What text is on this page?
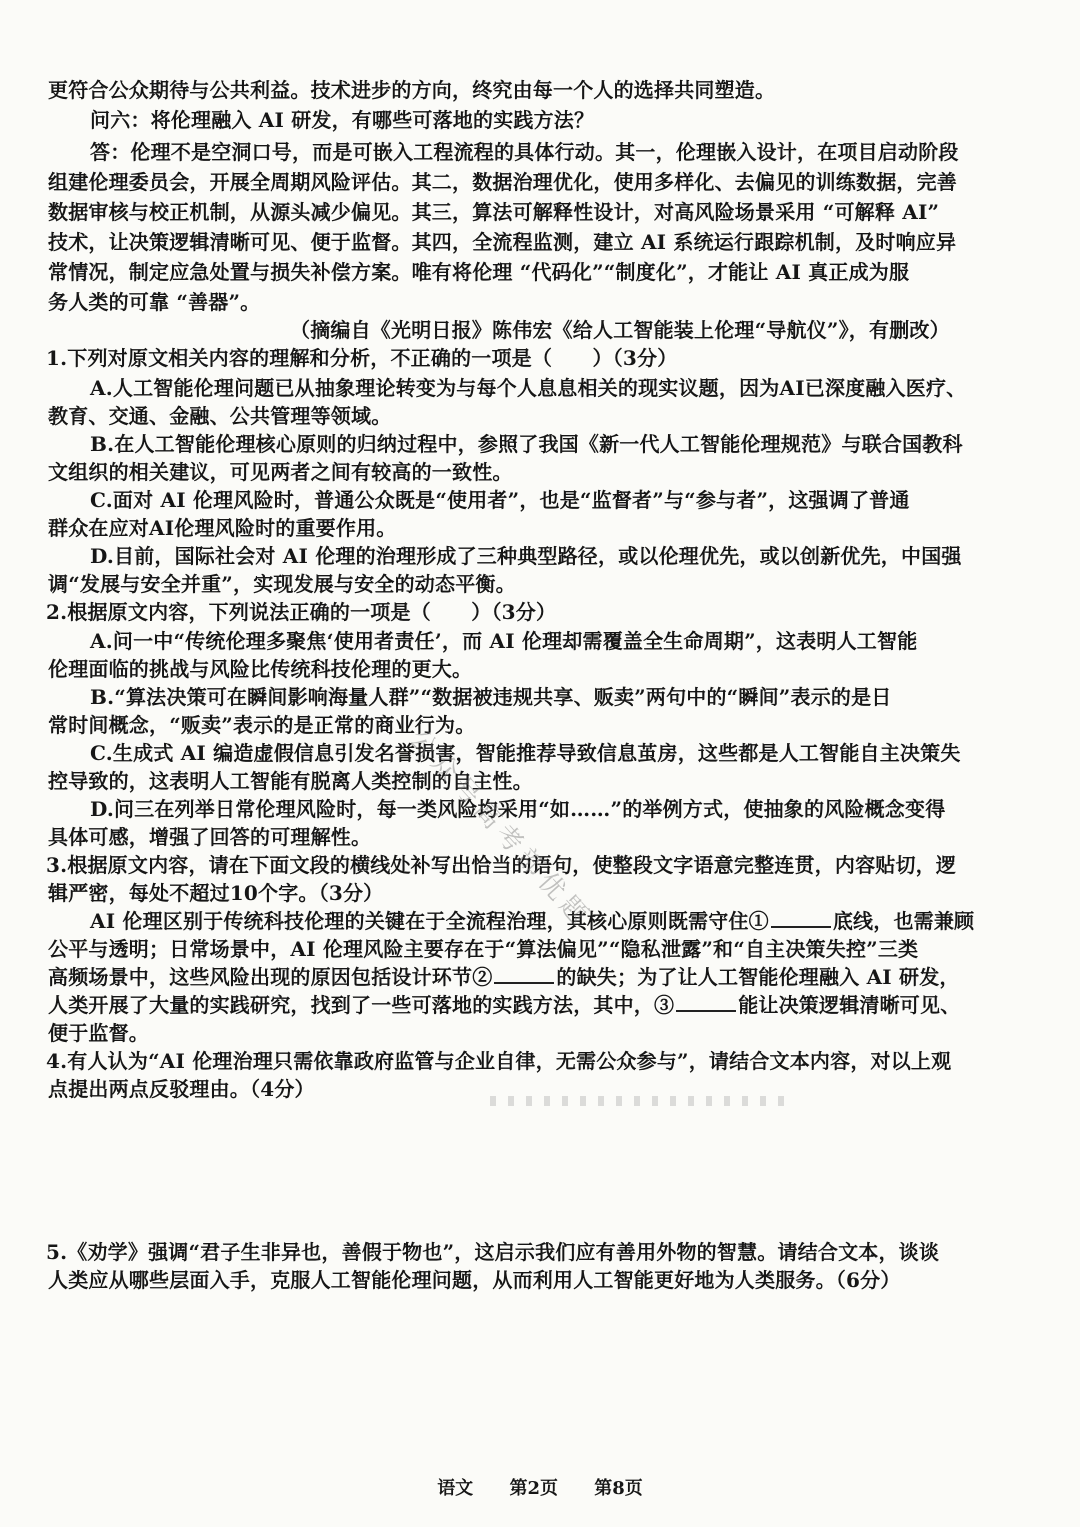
更符合公众期待与公共利益。技术进步的方向，终究由每一个人的选择共同塑造。
问六：将伦理融入 AI 研发，有哪些可落地的实践方法？
答：伦理不是空洞口号，而是可嵌入工程流程的具体行动。其一，伦理嵌入设计，在项目启动阶段
组建伦理委员会，开展全周期风险评估。其二，数据治理优化，使用多样化、去偏见的训练数据，完善
数据审核与校正机制，从源头减少偏见。其三，算法可解释性设计，对高风险场景采用 “可解释 AI”
技术，让决策逻辑清晰可见、便于监督。其四，全流程监测，建立 AI 系统运行跟踪机制，及时响应异
常情况，制定应急处置与损失补偿方案。唯有将伦理 “代码化”“制度化”，才能让 AI 真正成为服
务人类的可靠 “善器”。
（摘编自《光明日报》陈伟宏《给人工智能装上伦理“导航仪”》，有删改）
1.下列对原文相关内容的理解和分析，不正确的一项是（　　）（3分）
A.人工智能伦理问题已从抽象理论转变为与每个人息息相关的现实议题，因为AI已深度融入医疗、
教育、交通、金融、公共管理等领域。
B.在人工智能伦理核心原则的归纳过程中，参照了我国《新一代人工智能伦理规范》与联合国教科
文组织的相关建议，可见两者之间有较高的一致性。
C.面对 AI 伦理风险时，普通公众既是“使用者”，也是“监督者”与“参与者”，这强调了普通
群众在应对AI伦理风险时的重要作用。
D.目前，国际社会对 AI 伦理的治理形成了三种典型路径，或以伦理优先，或以创新优先，中国强
调“发展与安全并重”，实现发展与安全的动态平衡。
2.根据原文内容，下列说法正确的一项是（　　）（3分）
A.问一中“传统伦理多聚焦‘使用者责任’，而 AI 伦理却需覆盖全生命周期”，这表明人工智能
伦理面临的挑战与风险比传统科技伦理的更大。
B.“算法决策可在瞬间影响海量人群”“数据被违规共享、贩卖”两句中的“瞬间”表示的是日
常时间概念，“贩卖”表示的是正常的商业行为。
C.生成式 AI 编造虚假信息引发名誉损害，智能推荐导致信息茧房，这些都是人工智能自主决策失
控导致的，这表明人工智能有脱离人类控制的自主性。
D.问三在列举日常伦理风险时，每一类风险均采用“如……”的举例方式，使抽象的风险概念变得
具体可感，增强了回答的可理解性。
3.根据原文内容，请在下面文段的横线处补写出恰当的语句，使整段文字语意完整连贯，内容贴切，逻
辑严密，每处不超过10个字。（3分）
AI 伦理区别于传统科技伦理的关键在于全流程治理，其核心原则既需守住①	底线，也需兼顾
公平与透明；日常场景中，AI 伦理风险主要存在于“算法偏见”“隐私泄露”和“自主决策失控”三类
高频场景中，这些风险出现的原因包括设计环节②	的缺失；为了让人工智能伦理融入 AI 研发，
人类开展了大量的实践研究，找到了一些可落地的实践方法，其中，③	能让决策逻辑清晰可见、
便于监督。
4.有人认为“AI 伦理治理只需依靠政府监管与企业自律，无需公众参与”，请结合文本内容，对以上观
点提出两点反驳理由。（4分）
5.《劝学》强调“君子生非异也，善假于物也”，这启示我们应有善用外物的智慧。请结合文本，谈谈
人类应从哪些层面入手，克服人工智能伦理问题，从而利用人工智能更好地为人类服务。（6分）
公众号高考部优题
语文 第2页 第8页
